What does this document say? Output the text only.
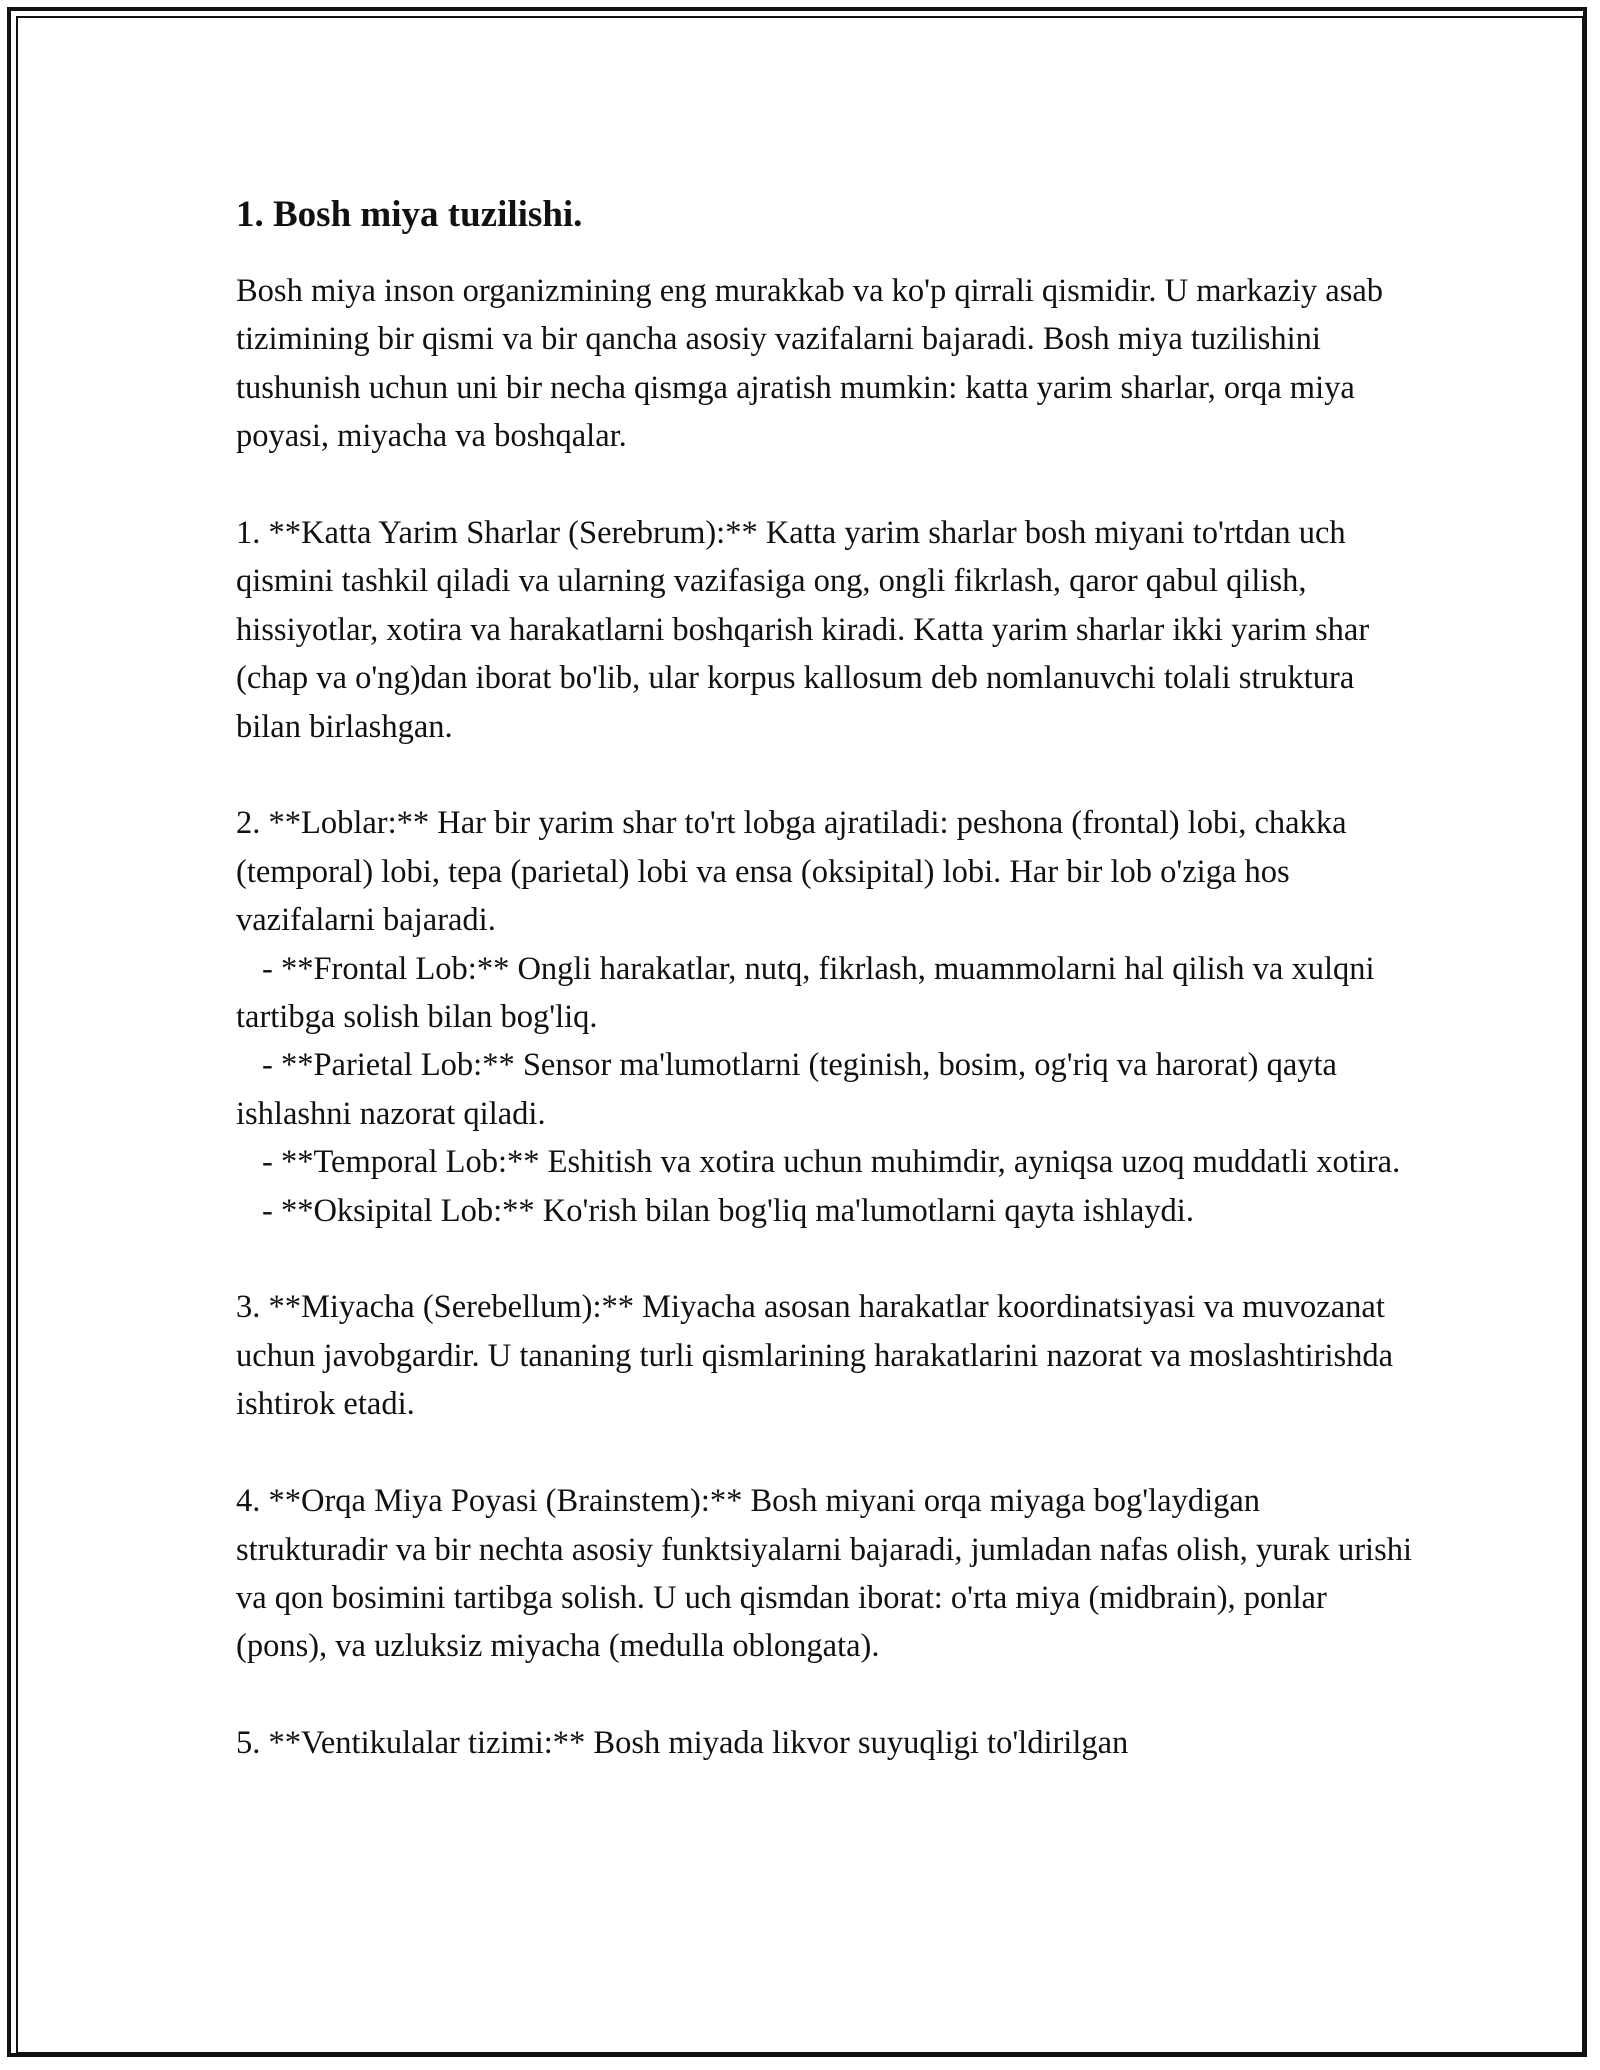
1. Bosh miya tuzilishi.

Bosh miya inson organizmining eng murakkab va ko'p qirrali qismidir. U markaziy asab tizimining bir qismi va bir qancha asosiy vazifalarni bajaradi. Bosh miya tuzilishini tushunish uchun uni bir necha qismga ajratish mumkin: katta yarim sharlar, orqa miya poyasi, miyacha va boshqalar.

1. **Katta Yarim Sharlar (Serebrum):** Katta yarim sharlar bosh miyani to'rtdan uch qismini tashkil qiladi va ularning vazifasiga ong, ongli fikrlash, qaror qabul qilish, hissiyotlar, xotira va harakatlarni boshqarish kiradi. Katta yarim sharlar ikki yarim shar (chap va o'ng)dan iborat bo'lib, ular korpus kallosum deb nomlanuvchi tolali struktura bilan birlashgan.

2. **Loblar:** Har bir yarim shar to'rt lobga ajratiladi: peshona (frontal) lobi, chakka (temporal) lobi, tepa (parietal) lobi va ensa (oksipital) lobi. Har bir lob o'ziga hos vazifalarni bajaradi.

- **Frontal Lob:** Ongli harakatlar, nutq, fikrlash, muammolarni hal qilish va xulqni tartibga solish bilan bog'liq.

- **Parietal Lob:** Sensor ma'lumotlarni (teginish, bosim, og'riq va harorat) qayta ishlashni nazorat qiladi.

- **Temporal Lob:** Eshitish va xotira uchun muhimdir, ayniqsa uzoq muddatli xotira.

- **Oksipital Lob:** Ko'rish bilan bog'liq ma'lumotlarni qayta ishlaydi.

3. **Miyacha (Serebellum):** Miyacha asosan harakatlar koordinatsiyasi va muvozanat uchun javobgardir. U tananing turli qismlarining harakatlarini nazorat va moslashtirishda ishtirok etadi.

4. **Orqa Miya Poyasi (Brainstem):** Bosh miyani orqa miyaga bog'laydigan strukturadir va bir nechta asosiy funktsiyalarni bajaradi, jumladan nafas olish, yurak urishi va qon bosimini tartibga solish. U uch qismdan iborat: o'rta miya (midbrain), ponlar (pons), va uzluksiz miyacha (medulla oblongata).

5. **Ventikulalar tizimi:** Bosh miyada likvor suyuqligi to'ldirilgan
